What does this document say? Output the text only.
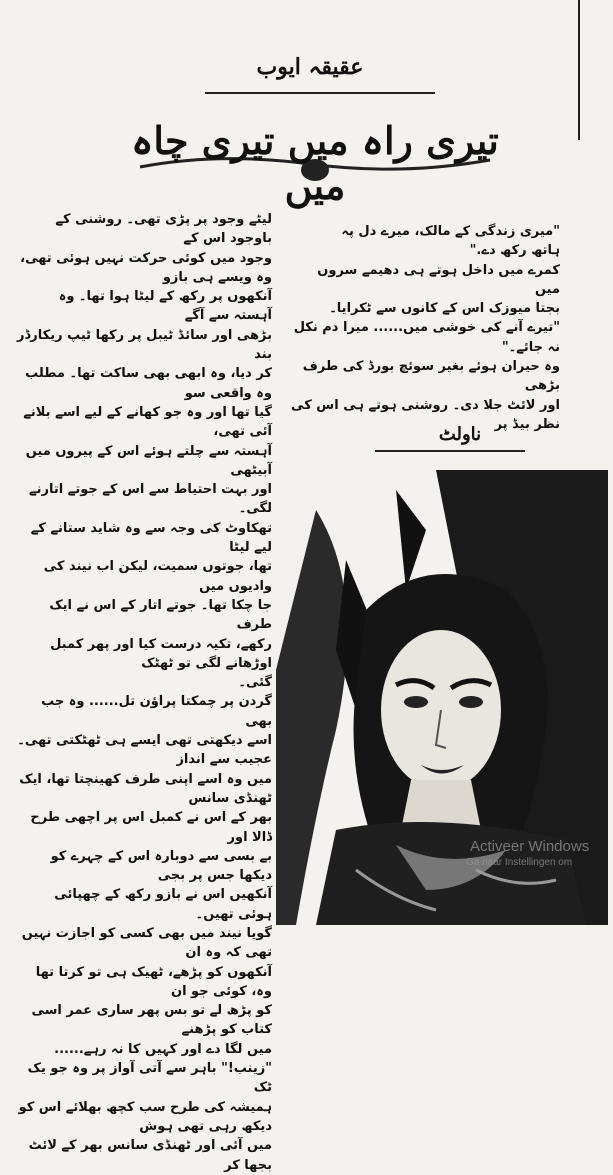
عقیقہ ایوب
تیری راہ میں تیری چاہ میں

لیٹے وجود پر پڑی تھی۔ روشنی کے باوجود اس کے

وجود میں کوئی حرکت نہیں ہوئی تھی، وہ ویسے ہی بازو

آنکھوں پر رکھ کے لیٹا ہوا تھا۔ وہ آہستہ سے آگے

بڑھی اور سائڈ ٹیبل پر رکھا ٹیپ ریکارڈر بند

کر دیا، وہ ابھی بھی ساکت تھا۔ مطلب وہ واقعی سو

گیا تھا اور وہ جو کھانے کے لیے اسے بلانے آئی تھی،

آہستہ سے چلتے ہوئے اس کے پیروں میں آبیٹھی

اور بہت احتیاط سے اس کے جوتے اتارنے لگی۔

تھکاوٹ کی وجہ سے وہ شاید ستانے کے لیے لیٹا

تھا، جوتوں سمیت، لیکن اب نیند کی وادیوں میں

جا چکا تھا۔ جوتے اتار کے اس نے ایک طرف

رکھے، تکیہ درست کیا اور پھر کمبل اوڑھانے لگی تو ٹھٹک

گئی۔

گردن پر چمکتا پراؤن تل...... وہ جب بھی

اسے دیکھتی تھی ایسے ہی ٹھٹکتی تھی۔ عجیب سے انداز

میں وہ اسے اپنی طرف کھینچتا تھا، ایک ٹھنڈی سانس

بھر کے اس نے کمبل اس پر اچھی طرح ڈالا اور

بے بسی سے دوبارہ اس کے چہرے کو دیکھا جس پر بجی

آنکھیں اس نے بازو رکھ کے چھپائی ہوئی تھیں۔

گویا نیند میں بھی کسی کو اجازت نہیں تھی کہ وہ ان

آنکھوں کو پڑھے، ٹھیک ہی تو کرتا تھا وہ، کوئی جو ان

کو پڑھ لے تو بس پھر ساری عمر اسی کتاب کو پڑھنے

میں لگا دے اور کہیں کا نہ رہے......

"زینب!" باہر سے آتی آواز پر وہ جو یک ٹک

ہمیشہ کی طرح سب کچھ بھلائے اس کو دیکھ رہی تھی ہوش

میں آئی اور ٹھنڈی سانس بھر کے لائٹ بجھا کر

"میری زندگی کے مالک، میرے دل پہ

ہاتھ رکھ دے."

کمرے میں داخل ہوتے ہی دھیمے سروں میں

بجتا میوزک اس کے کانوں سے ٹکرایا۔

"تیرے آنے کی خوشی میں...... میرا دم نکل نہ جائے۔"

وہ حیران ہوئے بغیر سوئچ بورڈ کی طرف بڑھی

اور لائٹ جلا دی۔ روشنی ہوتے ہی اس کی نظر بیڈ پر

ناولٹ
Activeer Windows
Ga naar Instellingen om
